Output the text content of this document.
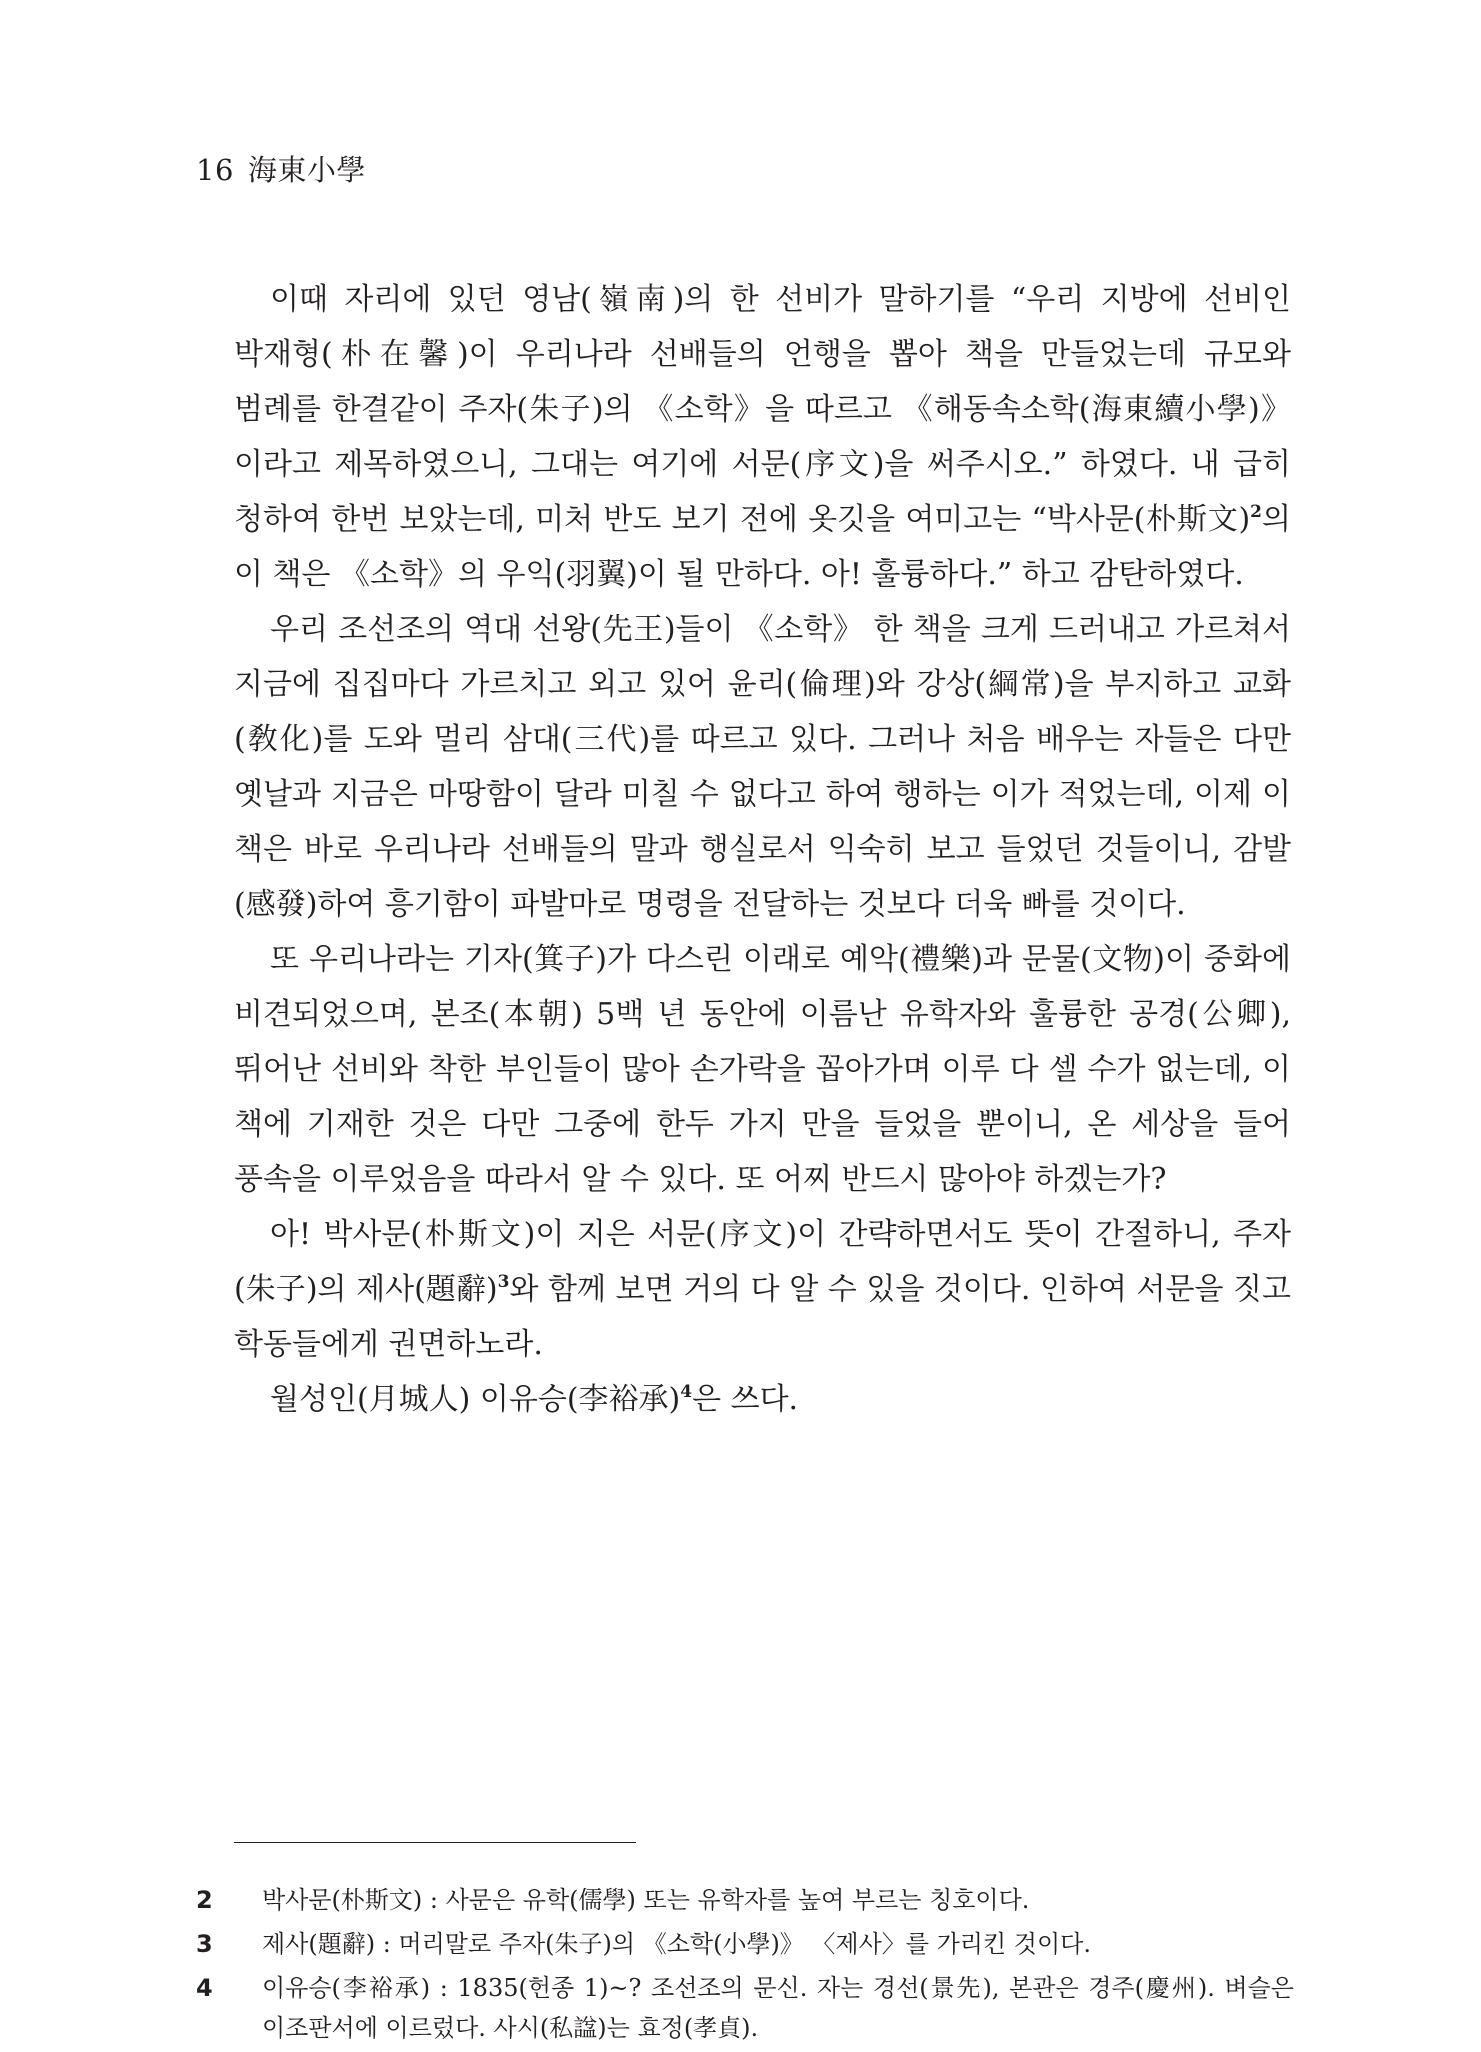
16 海東小學

이때 자리에 있던 영남(嶺南)의 한 선비가 말하기를 “우리 지방에 선비인 박재형(朴在馨)이 우리나라 선배들의 언행을 뽑아 책을 만들었는데 규모와 범례를 한결같이 주자(朱子)의 《소학》을 따르고 《해동속소학(海東續小學)》이라고 제목하였으니, 그대는 여기에 서문(序文)을 써주시오.” 하였다. 내 급히 청하여 한번 보았는데, 미처 반도 보기 전에 옷깃을 여미고는 “박사문(朴斯文)$^2$의 이 책은 《소학》의 우익(羽翼)이 될 만하다. 아! 훌륭하다.” 하고 감탄하였다.

우리 조선조의 역대 선왕(先王)들이 《소학》 한 책을 크게 드러내고 가르쳐서 지금에 집집마다 가르치고 외고 있어 윤리(倫理)와 강상(綱常)을 부지하고 교화(敎化)를 도와 멀리 삼대(三代)를 따르고 있다. 그러나 처음 배우는 자들은 다만 옛날과 지금은 마땅함이 달라 미칠 수 없다고 하여 행하는 이가 적었는데, 이제 이 책은 바로 우리나라 선배들의 말과 행실로서 익숙히 보고 들었던 것들이니, 감발(感發)하여 흥기함이 파발마로 명령을 전달하는 것보다 더욱 빠를 것이다.

또 우리나라는 기자(箕子)가 다스린 이래로 예악(禮樂)과 문물(文物)이 중화에 비견되었으며, 본조(本朝) 5백 년 동안에 이름난 유학자와 훌륭한 공경(公卿), 뛰어난 선비와 착한 부인들이 많아 손가락을 꼽아가며 이루 다 셀 수가 없는데, 이 책에 기재한 것은 다만 그중에 한두 가지 만을 들었을 뿐이니, 온 세상을 들어 풍속을 이루었음을 따라서 알 수 있다. 또 어찌 반드시 많아야 하겠는가?

아! 박사문(朴斯文)이 지은 서문(序文)이 간략하면서도 뜻이 간절하니, 주자(朱子)의 제사(題辭)$^3$와 함께 보면 거의 다 알 수 있을 것이다. 인하여 서문을 짓고 학동들에게 권면하노라.

월성인(月城人) 이유승(李裕承)$^4$은 쓰다.

2 박사문(朴斯文) : 사문은 유학(儒學) 또는 유학자를 높여 부르는 칭호이다.
3 제사(題辭) : 머리말로 주자(朱子)의 《소학(小學)》 〈제사〉를 가리킨 것이다.
4 이유승(李裕承) : 1835(헌종 1)~? 조선조의 문신. 자는 경선(景先), 본관은 경주(慶州). 벼슬은 이조판서에 이르렀다. 사시(私諡)는 효정(孝貞).
